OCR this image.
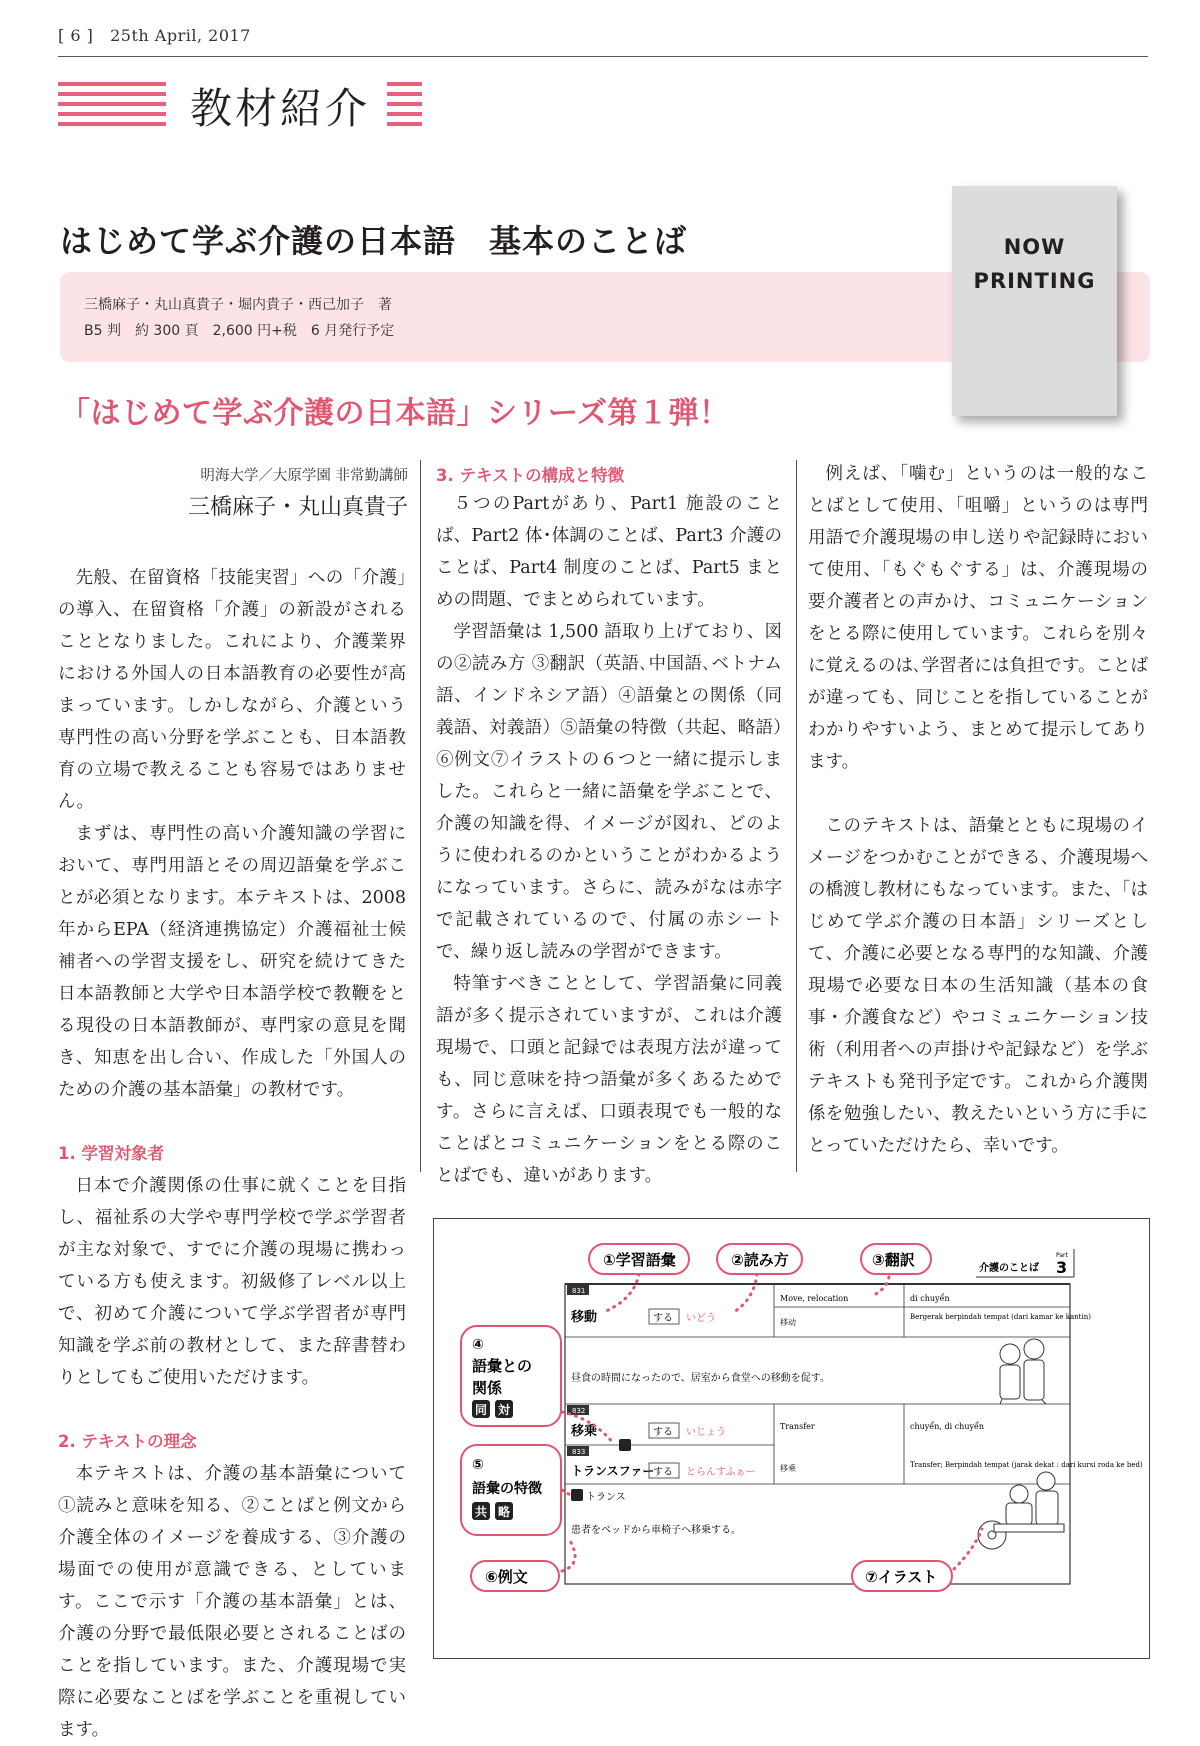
[ 6 ] 25th April, 2017
教材紹介
はじめて学ぶ介護の日本語　基本のことば
三橋麻子・丸山真貴子・堀内貴子・西己加子　著
B5 判　約 300 頁　2,600 円+税　6 月発行予定
NOW
PRINTING
「はじめて学ぶ介護の日本語」シリーズ第１弾！
明海大学／大原学園 非常勤講師
三橋麻子・丸山真貴子

先般、在留資格「技能実習」への「介護」の導入、在留資格「介護」の新設がされることとなりました。これにより、介護業界における外国人の日本語教育の必要性が高まっています。しかしながら、介護という専門性の高い分野を学ぶことも、日本語教育の立場で教えることも容易ではありません。

まずは、専門性の高い介護知識の学習において、専門用語とその周辺語彙を学ぶことが必須となります。本テキストは、2008年からEPA（経済連携協定）介護福祉士候補者への学習支援をし、研究を続けてきた日本語教師と大学や日本語学校で教鞭をとる現役の日本語教師が、専門家の意見を聞き、知恵を出し合い、作成した「外国人のための介護の基本語彙」の教材です。

1. 学習対象者

日本で介護関係の仕事に就くことを目指し、福祉系の大学や専門学校で学ぶ学習者が主な対象で、すでに介護の現場に携わっている方も使えます。初級修了レベル以上で、初めて介護について学ぶ学習者が専門知識を学ぶ前の教材として、また辞書替わりとしてもご使用いただけます。

2. テキストの理念

本テキストは、介護の基本語彙について①読みと意味を知る、②ことばと例文から介護全体のイメージを養成する、③介護の場面での使用が意識できる、としています。ここで示す「介護の基本語彙」とは、介護の分野で最低限必要とされることばのことを指しています。また、介護現場で実際に必要なことばを学ぶことを重視しています。

3. テキストの構成と特徴

５つのPartがあり、Part1 施設のことば、Part2 体･体調のことば、Part3 介護のことば、Part4 制度のことば、Part5 まとめの問題、でまとめられています。

学習語彙は 1,500 語取り上げており、図の②読み方 ③翻訳（英語､中国語､ベトナム語、インドネシア語）④語彙との関係（同義語、対義語）⑤語彙の特徴（共起、略語）⑥例文⑦イラストの６つと一緒に提示しました。これらと一緒に語彙を学ぶことで、介護の知識を得、イメージが図れ、どのように使われるのかということがわかるようになっています。さらに、読みがなは赤字で記載されているので、付属の赤シートで、繰り返し読みの学習ができます。

特筆すべきこととして、学習語彙に同義語が多く提示されていますが、これは介護現場で、口頭と記録では表現方法が違っても、同じ意味を持つ語彙が多くあるためです。さらに言えば、口頭表現でも一般的なことばとコミュニケーションをとる際のことばでも、違いがあります。

例えば、「噛む」というのは一般的なことばとして使用、「咀嚼」というのは専門用語で介護現場の申し送りや記録時において使用、「もぐもぐする」は、介護現場の要介護者との声かけ、コミュニケーションをとる際に使用しています。これらを別々に覚えるのは､学習者には負担です。ことばが違っても、同じことを指していることがわかりやすいよう、まとめて提示してあります。

このテキストは、語彙とともに現場のイメージをつかむことができる、介護現場への橋渡し教材にもなっています。また、「はじめて学ぶ介護の日本語」シリーズとして、介護に必要となる専門的な知識、介護現場で必要な日本の生活知識（基本の食事・介護食など）やコミュニケーション技術（利用者への声掛けや記録など）を学ぶテキストも発刊予定です。これから介護関係を勉強したい、教えたいという方に手にとっていただけたら、幸いです。

831
移動	する いどう
Move, relocation	di chuyển
移动
Bergerak berpindah tempat (dari kamar ke kantin)
昼食の時間になったので、居室から食堂への移動を促す。
832
移乗	する いじょう
Transfer	chuyển, di chuyển
833
トランスファー
する とらんすふぁー	移乘	Transfer; Berpindah tempat (jarak dekat : dari kursi roda ke bed)
トランス
患者をベッドから車椅子へ移乗する。
介護のことば
Part
3
①学習語彙	②読み方	③翻訳
④
語彙との
関係
同 対
⑤
語彙の特徴
共 略
⑥例文	⑦イラスト
